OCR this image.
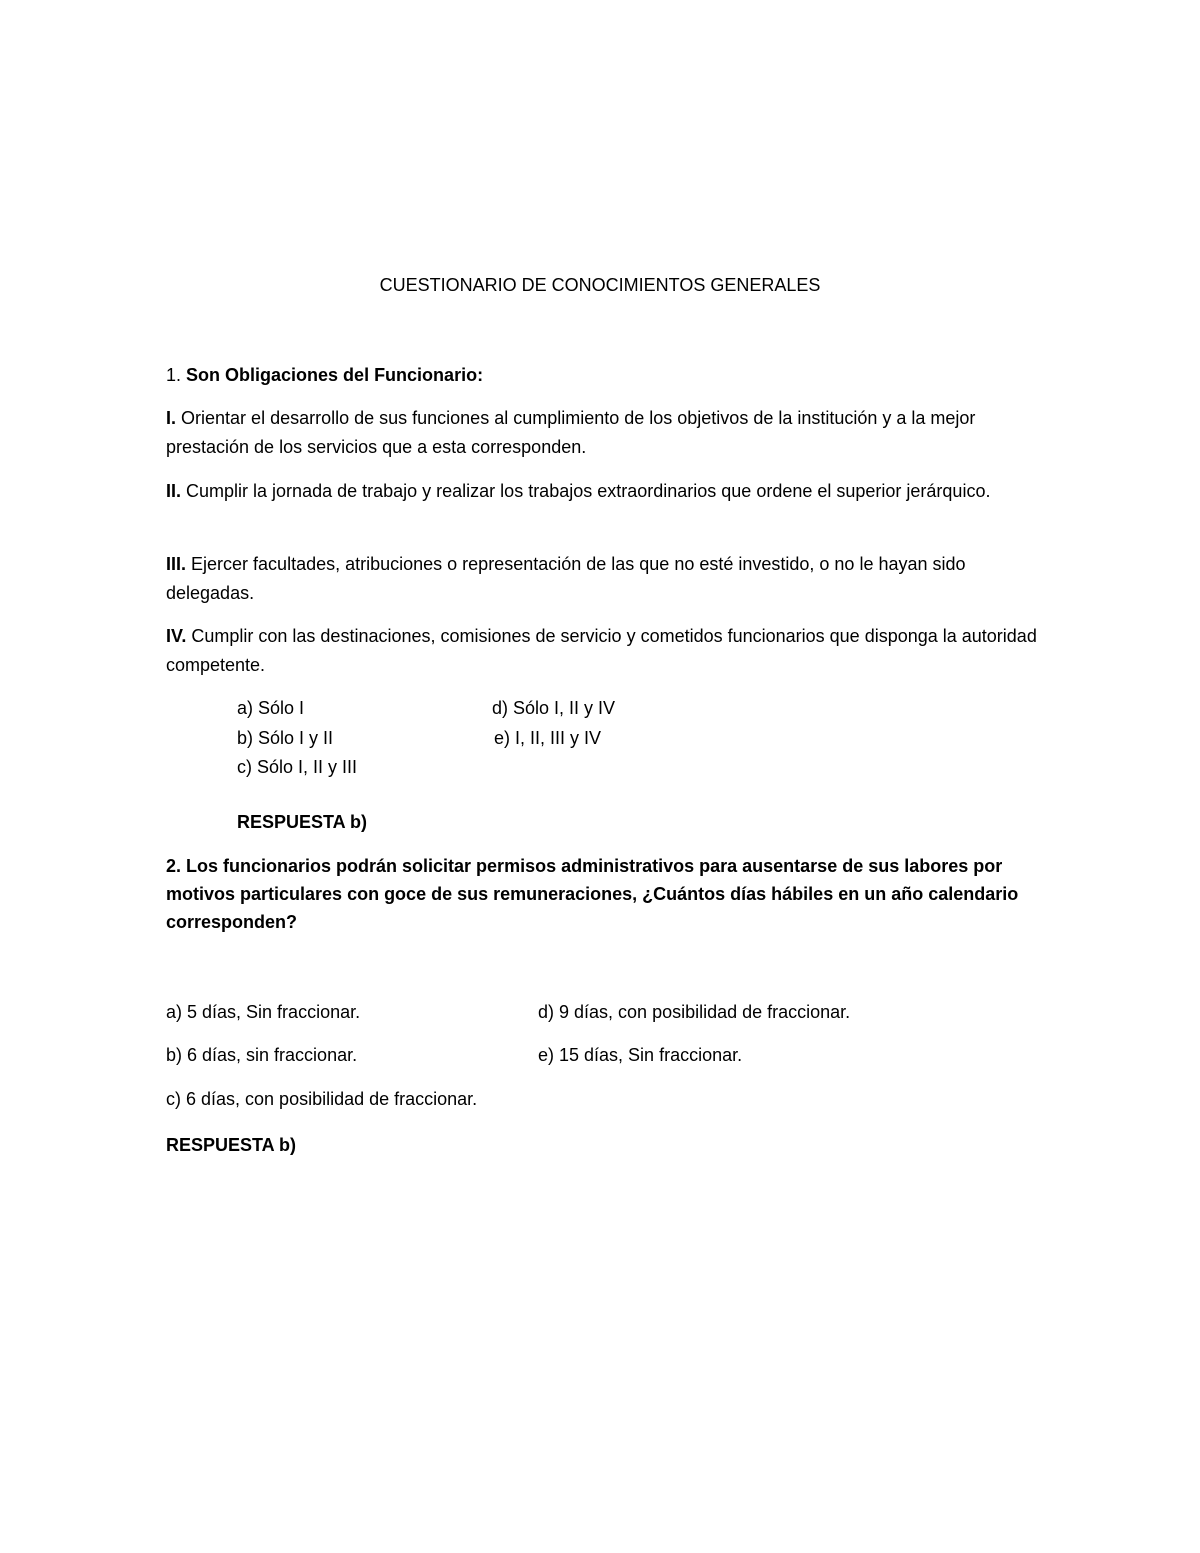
CUESTIONARIO DE CONOCIMIENTOS GENERALES
1. Son Obligaciones del Funcionario:
I. Orientar el desarrollo de sus funciones al cumplimiento de los objetivos de la institución y a la mejor prestación de los servicios que a esta corresponden.
II. Cumplir la jornada de trabajo y realizar los trabajos extraordinarios que ordene el superior jerárquico.
III. Ejercer facultades, atribuciones o representación de las que no esté investido, o no le hayan sido delegadas.
IV. Cumplir con las destinaciones, comisiones de servicio y cometidos funcionarios que disponga la autoridad competente.
a) Sólo I
b) Sólo I y II
c) Sólo I, II y III
d) Sólo I, II y IV
e) I, II, III y IV
RESPUESTA b)
2. Los funcionarios podrán solicitar permisos administrativos para ausentarse de sus labores por motivos particulares con goce de sus remuneraciones, ¿Cuántos días hábiles en un año calendario corresponden?
a) 5 días, Sin fraccionar.
b) 6 días, sin fraccionar.
c) 6 días, con posibilidad de fraccionar.
d) 9 días, con posibilidad de fraccionar.
e) 15 días, Sin fraccionar.
RESPUESTA b)
